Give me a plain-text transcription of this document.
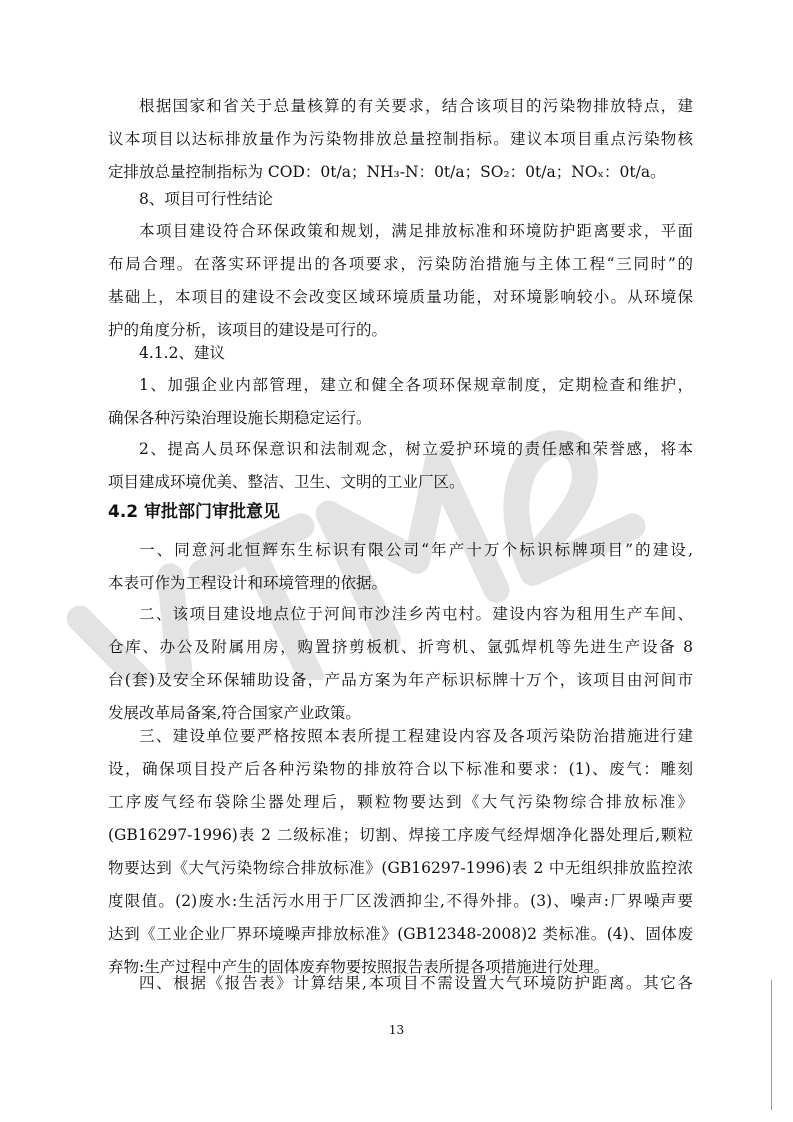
根据国家和省关于总量核算的有关要求，结合该项目的污染物排放特点，建
议本项目以达标排放量作为污染物排放总量控制指标。建议本项目重点污染物核
定排放总量控制指标为 COD：0t/a；NH₃-N：0t/a；SO₂：0t/a；NOₓ：0t/a。
8、项目可行性结论
本项目建设符合环保政策和规划，满足排放标准和环境防护距离要求，平面
布局合理。在落实环评提出的各项要求，污染防治措施与主体工程“三同时”的
基础上，本项目的建设不会改变区域环境质量功能，对环境影响较小。从环境保
护的角度分析，该项目的建设是可行的。
4.1.2、建议
1、加强企业内部管理，建立和健全各项环保规章制度，定期检查和维护，
确保各种污染治理设施长期稳定运行。
2、提高人员环保意识和法制观念，树立爱护环境的责任感和荣誉感，将本
项目建成环境优美、整洁、卫生、文明的工业厂区。
4.2 审批部门审批意见
一、同意河北恒辉东生标识有限公司“年产十万个标识标牌项目”的建设,
本表可作为工程设计和环境管理的依据。
二、该项目建设地点位于河间市沙洼乡芮屯村。建设内容为租用生产车间、
仓库、办公及附属用房，购置挤剪板机、折弯机、氩弧焊机等先进生产设备 8
台(套)及安全环保辅助设备，产品方案为年产标识标牌十万个，该项目由河间市
发展改革局备案,符合国家产业政策。
三、建设单位要严格按照本表所提工程建设内容及各项污染防治措施进行建
设，确保项目投产后各种污染物的排放符合以下标准和要求：(1)、废气：雕刻
工序废气经布袋除尘器处理后，颗粒物要达到《大气污染物综合排放标准》
(GB16297-1996)表 2 二级标准；切割、焊接工序废气经焊烟净化器处理后,颗粒
物要达到《大气污染物综合排放标准》(GB16297-1996)表 2 中无组织排放监控浓
度限值。(2)废水:生活污水用于厂区泼洒抑尘,不得外排。(3)、噪声:厂界噪声要
达到《工业企业厂界环境噪声排放标准》(GB12348-2008)2 类标准。(4)、固体废
弃物:生产过程中产生的固体废弃物要按照报告表所提各项措施进行处理。
四、根据《报告表》计算结果,本项目不需设置大气环境防护距离。其它各
13
